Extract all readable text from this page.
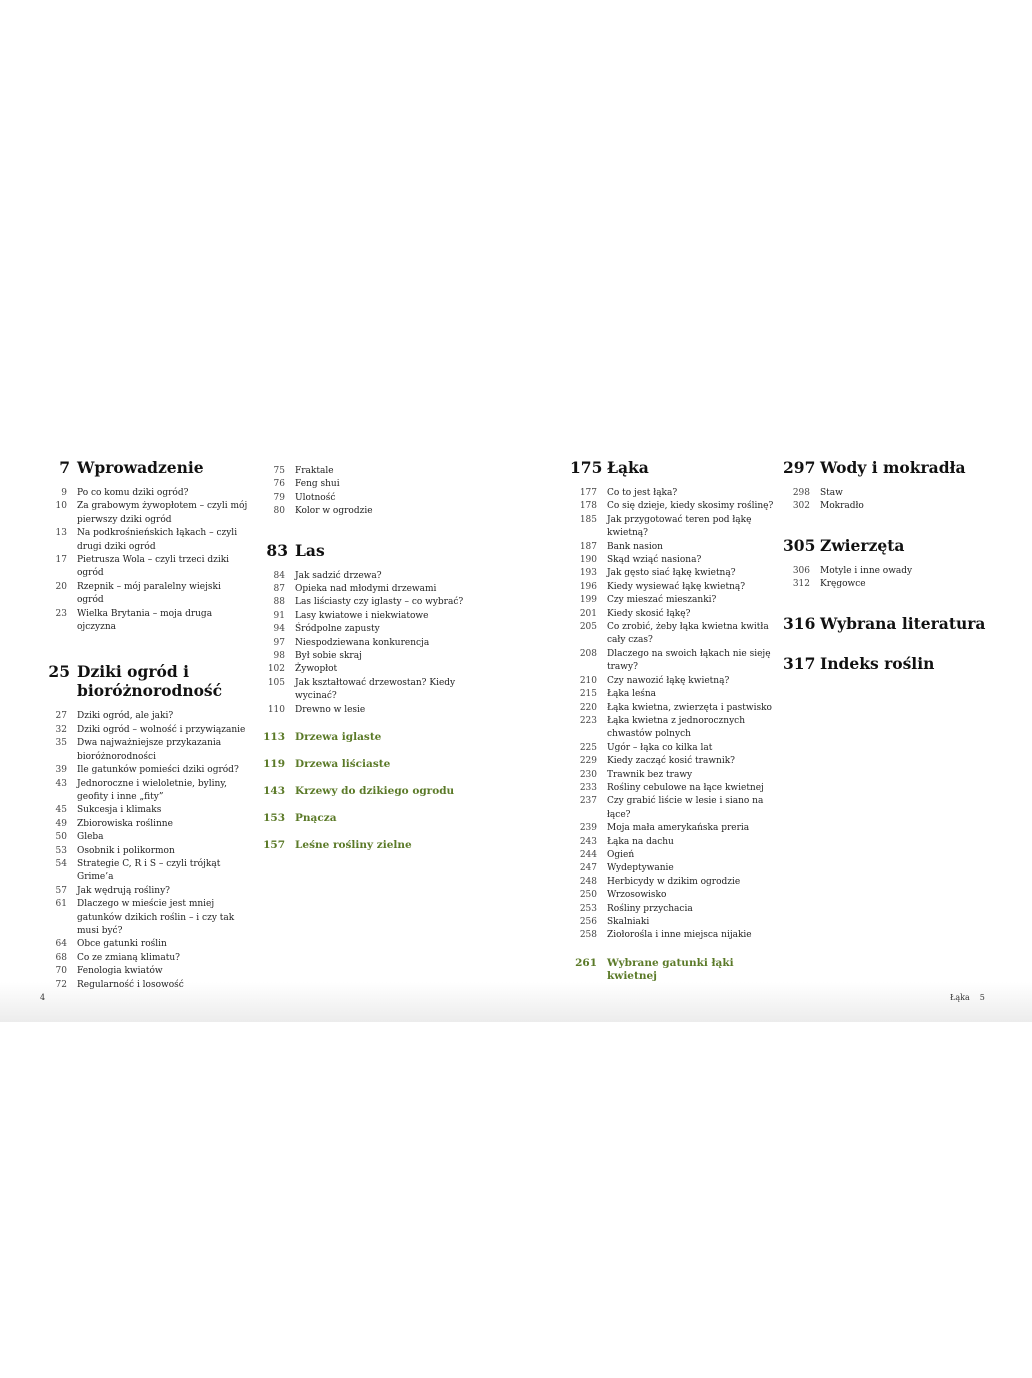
7 Wprowadzenie
9 Po co komu dziki ogród?
10 Za grabowym żywopłotem – czyli mój pierwszy dziki ogród
13 Na podkrośnieńskich łąkach – czyli drugi dziki ogród
17 Pietrusza Wola – czyli trzeci dziki ogród
20 Rzepnik – mój paralelny wiejski ogród
23 Wielka Brytania – moja druga ojczyzna
25 Dziki ogród i bioróżnorodność
27 Dziki ogród, ale jaki?
32 Dziki ogród – wolność i przywiązanie
35 Dwa najważniejsze przykazania bioróżnorodności
39 Ile gatunków pomieści dziki ogród?
43 Jednoroczne i wieloletnie, byliny, geofity i inne „fity”
45 Sukcesja i klimaks
49 Zbiorowiska roślinne
50 Gleba
53 Osobnik i polikormon
54 Strategie C, R i S – czyli trójkąt Grime’a
57 Jak wędrują rośliny?
61 Dlaczego w mieście jest mniej gatunków dzikich roślin – i czy tak musi być?
64 Obce gatunki roślin
68 Co ze zmianą klimatu?
70 Fenologia kwiatów
72 Regularność i losowość
75 Fraktale
76 Feng shui
79 Ulotność
80 Kolor w ogrodzie
83 Las
84 Jak sadzić drzewa?
87 Opieka nad młodymi drzewami
88 Las liściasty czy iglasty – co wybrać?
91 Lasy kwiatowe i niekwiatowe
94 Śródpolne zapusty
97 Niespodziewana konkurencja
98 Był sobie skraj
102 Żywopłot
105 Jak kształtować drzewostan? Kiedy wycinać?
110 Drewno w lesie
113 Drzewa iglaste
119 Drzewa liściaste
143 Krzewy do dzikiego ogrodu
153 Pnącza
157 Leśne rośliny zielne
175 Łąka
177 Co to jest łąka?
178 Co się dzieje, kiedy skosimy roślinę?
185 Jak przygotować teren pod łąkę kwietną?
187 Bank nasion
190 Skąd wziąć nasiona?
193 Jak gęsto siać łąkę kwietną?
196 Kiedy wysiewać łąkę kwietną?
199 Czy mieszać mieszanki?
201 Kiedy skosić łąkę?
205 Co zrobić, żeby łąka kwietna kwitła cały czas?
208 Dlaczego na swoich łąkach nie sieję trawy?
210 Czy nawozić łąkę kwietną?
215 Łąka leśna
220 Łąka kwietna, zwierzęta i pastwisko
223 Łąka kwietna z jednorocznych chwastów polnych
225 Ugór – łąka co kilka lat
229 Kiedy zacząć kosić trawnik?
230 Trawnik bez trawy
233 Rośliny cebulowe na łące kwietnej
237 Czy grabić liście w lesie i siano na łące?
239 Moja mała amerykańska preria
243 Łąka na dachu
244 Ogień
247 Wydeptywanie
248 Herbicydy w dzikim ogrodzie
250 Wrzosowisko
253 Rośliny przychacia
256 Skalniaki
258 Ziołorośla i inne miejsca nijakie
261 Wybrane gatunki łąki kwietnej
297 Wody i mokradła
298 Staw
302 Mokradło
305 Zwierzęta
306 Motyle i inne owady
312 Kręgowce
316 Wybrana literatura
317 Indeks roślin
4	Łąka 5
